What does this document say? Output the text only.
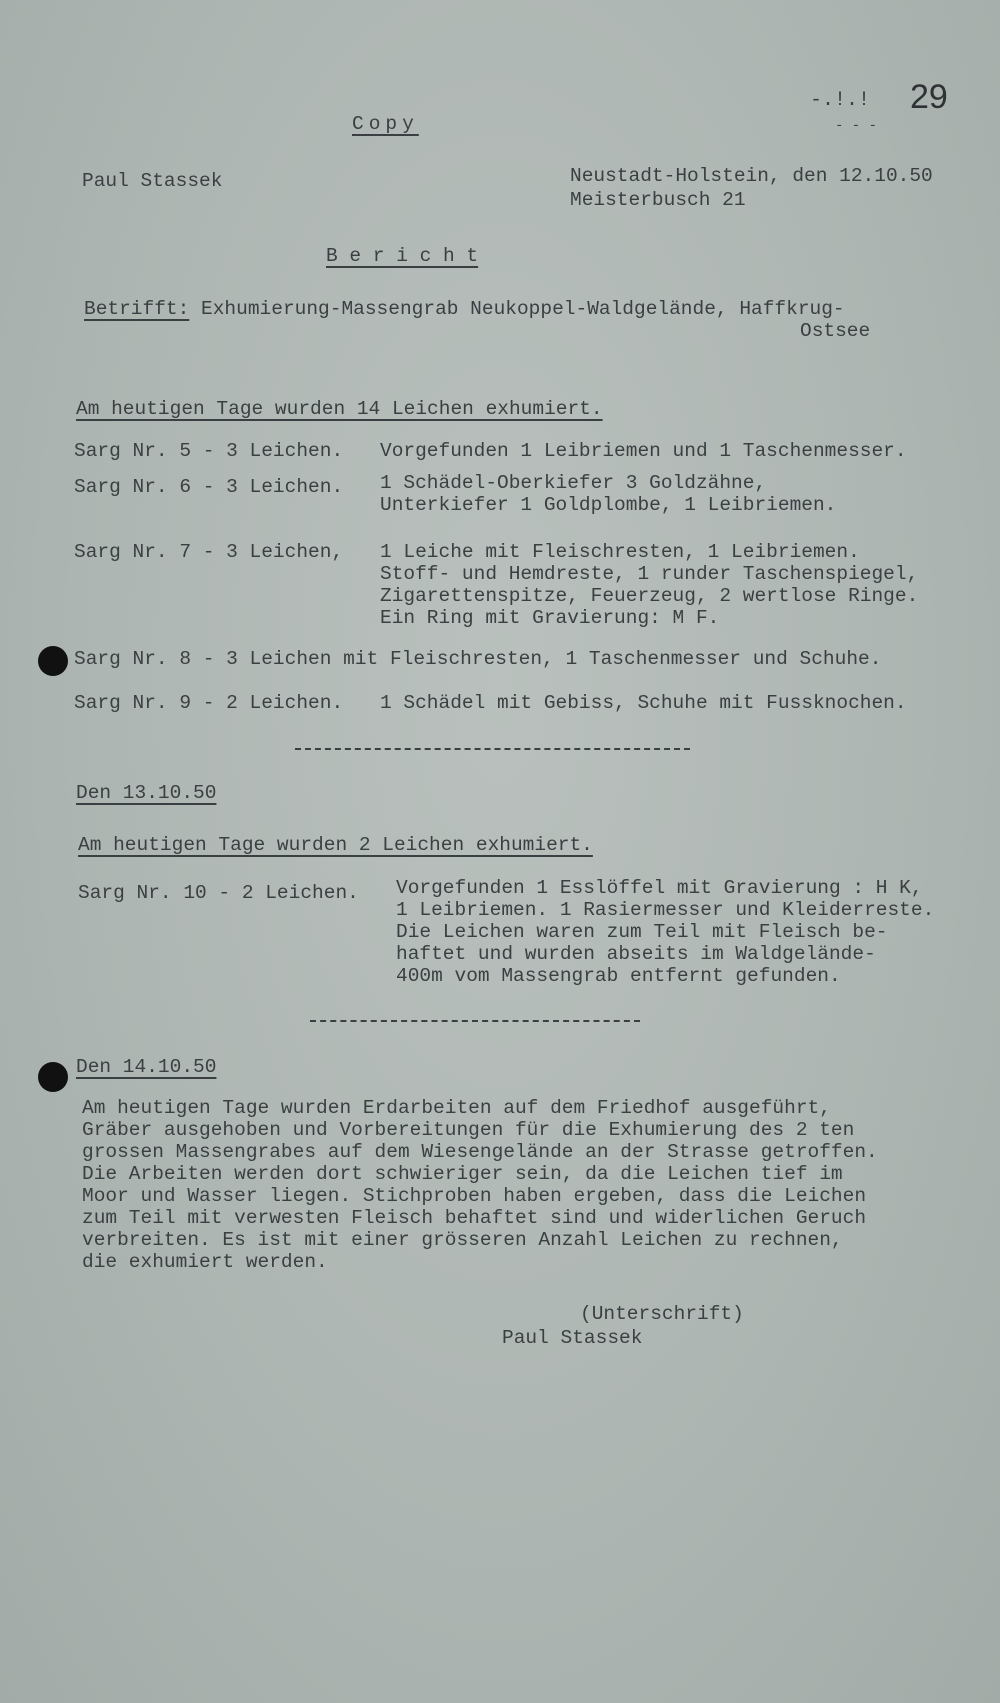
-.!.! 29
- - -
Copy
Paul Stassek	Neustadt-Holstein, den 12.10.50
Meisterbusch 21
B e r i c h t
Betrifft: Exhumierung-Massengrab Neukoppel-Waldgelände, Haffkrug-
Ostsee
Am heutigen Tage wurden 14 Leichen exhumiert.
Sarg Nr. 5 - 3 Leichen. Vorgefunden 1 Leibriemen und 1 Taschenmesser.
Sarg Nr. 6 - 3 Leichen. 1 Schädel-Oberkiefer 3 Goldzähne,
Unterkiefer 1 Goldplombe, 1 Leibriemen.
Sarg Nr. 7 - 3 Leichen, 1 Leiche mit Fleischresten, 1 Leibriemen.
Stoff- und Hemdreste, 1 runder Taschenspiegel,
Zigarettenspitze, Feuerzeug, 2 wertlose Ringe.
Ein Ring mit Gravierung: M F.
Sarg Nr. 8 - 3 Leichen mit Fleischresten, 1 Taschenmesser und Schuhe.
Sarg Nr. 9 - 2 Leichen. 1 Schädel mit Gebiss, Schuhe mit Fussknochen.
Den 13.10.50
Am heutigen Tage wurden 2 Leichen exhumiert.
Sarg Nr. 10 - 2 Leichen. Vorgefunden 1 Esslöffel mit Gravierung : H K,
1 Leibriemen. 1 Rasiermesser und Kleiderreste.
Die Leichen waren zum Teil mit Fleisch be-
haftet und wurden abseits im Waldgelände-
400m vom Massengrab entfernt gefunden.
Den 14.10.50
Am heutigen Tage wurden Erdarbeiten auf dem Friedhof ausgeführt,
Gräber ausgehoben und Vorbereitungen für die Exhumierung des 2 ten
grossen Massengrabes auf dem Wiesengelände an der Strasse getroffen.
Die Arbeiten werden dort schwieriger sein, da die Leichen tief im
Moor und Wasser liegen. Stichproben haben ergeben, dass die Leichen
zum Teil mit verwesten Fleisch behaftet sind und widerlichen Geruch
verbreiten. Es ist mit einer grösseren Anzahl Leichen zu rechnen,
die exhumiert werden.
(Unterschrift)
Paul Stassek
